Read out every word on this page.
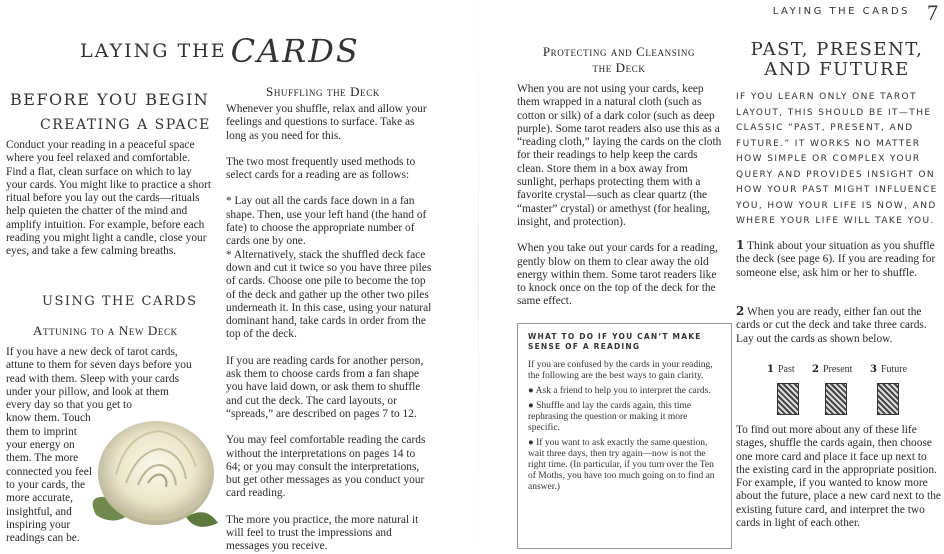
LAYING THE CARDS 7
LAYING THE CARDS
BEFORE YOU BEGIN
CREATING A SPACE
Conduct your reading in a peaceful space where you feel relaxed and comfortable. Find a flat, clean surface on which to lay your cards. You might like to practice a short ritual before you lay out the cards—rituals help quieten the chatter of the mind and amplify intuition. For example, before each reading you might light a candle, close your eyes, and take a few calming breaths.
USING THE CARDS
Attuning to a New Deck
If you have a new deck of tarot cards,
attune to them for seven days before you
read with them. Sleep with your cards
under your pillow, and look at them
every day so that you get to
know them. Touch
them to imprint
your energy on
them. The more
connected you feel
to your cards, the
more accurate,
insightful, and
inspiring your
readings can be.
Shuffling the Deck

Whenever you shuffle, relax and allow your feelings and questions to surface. Take as long as you need for this.

The two most frequently used methods to select cards for a reading are as follows:

* Lay out all the cards face down in a fan shape. Then, use your left hand (the hand of fate) to choose the appropriate number of cards one by one.

* Alternatively, stack the shuffled deck face down and cut it twice so you have three piles of cards. Choose one pile to become the top of the deck and gather up the other two piles underneath it. In this case, using your natural dominant hand, take cards in order from the top of the deck.

If you are reading cards for another person, ask them to choose cards from a fan shape you have laid down, or ask them to shuffle and cut the deck. The card layouts, or “spreads,” are described on pages 7 to 12.

You may feel comfortable reading the cards without the interpretations on pages 14 to 64; or you may consult the interpretations, but get other messages as you conduct your card reading.

The more you practice, the more natural it will feel to trust the impressions and messages you receive.
Protecting and Cleansing
the Deck

When you are not using your cards, keep them wrapped in a natural cloth (such as cotton or silk) of a dark color (such as deep purple). Some tarot readers also use this as a “reading cloth,” laying the cards on the cloth for their readings to help keep the cards clean. Store them in a box away from sunlight, perhaps protecting them with a favorite crystal—such as clear quartz (the “master” crystal) or amethyst (for healing, insight, and protection).

When you take out your cards for a reading, gently blow on them to clear away the old energy within them. Some tarot readers like to knock once on the top of the deck for the same effect.

WHAT TO DO IF YOU CAN’T MAKE SENSE OF A READING
If you are confused by the cards in your reading, the following are the best ways to gain clarity.
● Ask a friend to help you to interpret the cards.
● Shuffle and lay the cards again, this time rephrasing the question or making it more specific.
● If you want to ask exactly the same question, wait three days, then try again—now is not the right time. (In particular, if you turn over the Ten of Moths, you have too much going on to find an answer.)
PAST, PRESENT,
AND FUTURE
IF YOU LEARN ONLY ONE TAROT LAYOUT, THIS SHOULD BE IT—THE CLASSIC “PAST, PRESENT, AND FUTURE.” IT WORKS NO MATTER HOW SIMPLE OR COMPLEX YOUR QUERY AND PROVIDES INSIGHT ON HOW YOUR PAST MIGHT INFLUENCE YOU, HOW YOUR LIFE IS NOW, AND WHERE YOUR LIFE WILL TAKE YOU.
1 Think about your situation as you shuffle the deck (see page 6). If you are reading for someone else, ask him or her to shuffle.
2 When you are ready, either fan out the cards or cut the deck and take three cards. Lay out the cards as shown below.
1 Past 2 Present 3 Future
To find out more about any of these life stages, shuffle the cards again, then choose one more card and place it face up next to the existing card in the appropriate position. For example, if you wanted to know more about the future, place a new card next to the existing future card, and interpret the two cards in light of each other.
